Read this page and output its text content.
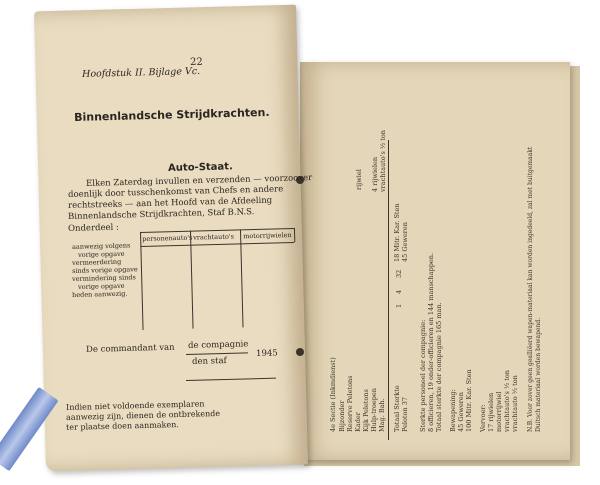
22
Hoofdstuk II. Bijlage Vc.
Binnenlandsche Strijdkrachten.
Auto-Staat.
Elken Zaterdag invullen en verzenden — voorzoover
doenlijk door tusschenkomst van Chefs en andere
rechtstreeks — aan het Hoofd van de Afdeeling
Binnenlandsche Strijdkrachten, Staf B.N.S.
Onderdeel :
aanwezig volgens
vorige opgave
vermeerdering
sinds vorige opgave
vermindering sinds
vorige opgave
heden aanwezig.
personenauto's vrachtauto's motorrijwielen
De commandant van de compagnie
den staf
1945
Indien niet voldoende exemplaren
aanwezig zijn, dienen de ontbrekende
ter plaatse doen aanmaken.	4e Sectie (Inkmdienst) Bijzonder Reserve Peletons Kader Kijk Peletons Hulp-troepen Mag. Bah. Totaal Sterkte Peloton 37
1
4
32
18 Mitr. Kar. Sten 45 Geweren
rijwiel 4 rijwielen vrachtauto's ½ ton
Sterkte personeel der compagnie: 8 officieren, 19 onder-officieren en 144 manschappen. Totaal sterkte der compagnie 165 man. Bewapening: 45 Geweren 100 Mitr. Kar. Sten Vervoer: 17 rijwielen motorrijwiel vrachtauto's ½ ton vrachtauto ½ ton N.B. Voor zover geen gealliëerd wapen-materiaal kan worden ingedeeld, zal met buitgemaakt Duitsch materiaal worden bewapend.
